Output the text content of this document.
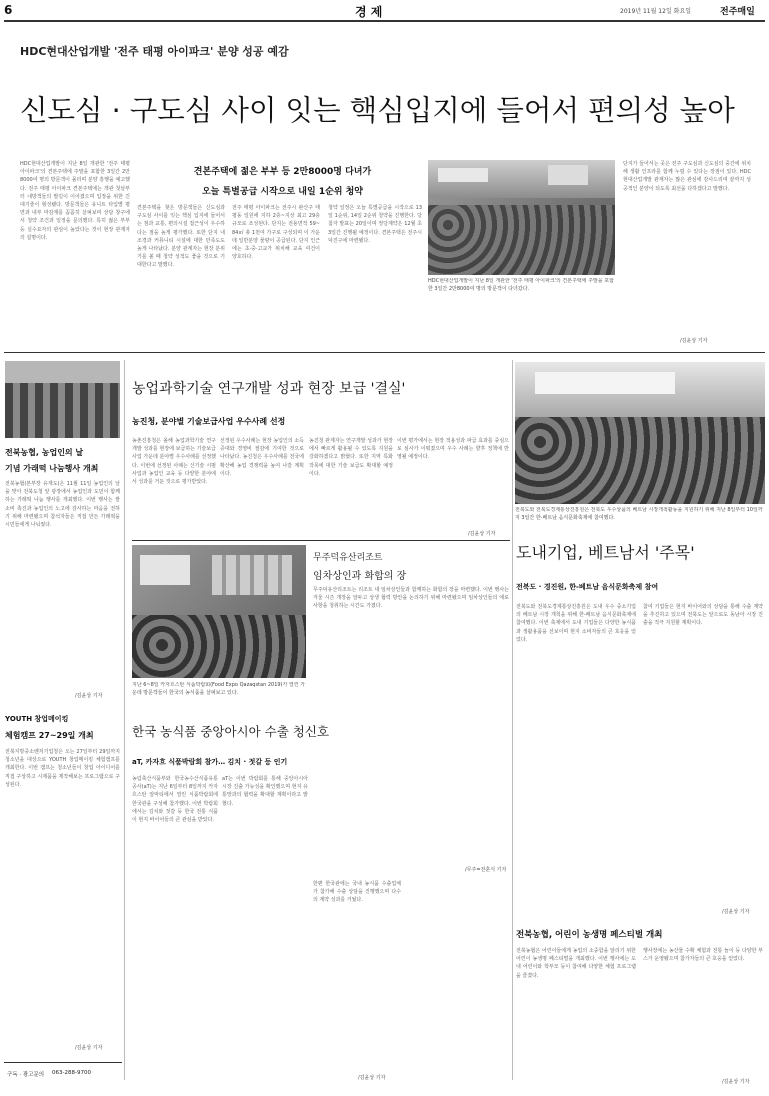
6	경 제	2019년 11월 12일 화요일	전주매일
HDC현대산업개발 '전주 태평 아이파크' 분양 성공 예감
신도심 · 구도심 사이 잇는 핵심입지에 들어서 편의성 높아
HDC현대산업개발이 지난 8일 개관한 '전주 태평 아이파크'의 견본주택에 주말을 포함한 3일간 2만8000여 명의 방문객이 몰리며 분양 흥행을 예고했다. 전주 태평 아이파크 견본주택에는 개관 첫날부터 내방객들의 발길이 이어졌으며 입장을 위한 긴 대기줄이 형성됐다. 방문객들은 유니트 타입별 평면과 내부 마감재를 꼼꼼히 살펴보며 상담 창구에서 청약 조건과 일정을 문의했다. 특히 젊은 부부 등 실수요자의 관심이 높았다는 것이 현장 관계자의 설명이다.
견본주택에 젊은 부부 등 2만8000명 다녀가
오늘 특별공급 시작으로 내일 1순위 청약
견본주택을 찾은 방문객들은 신도심과 구도심 사이를 잇는 핵심 입지에 들어서는 점과 교통, 편의시설 접근성이 우수하다는 점을 높게 평가했다. 또한 단지 내 조경과 커뮤니티 시설에 대한 만족도도 높게 나타났다. 분양 관계자는 현장 분위기를 볼 때 청약 성적도 좋을 것으로 기대한다고 말했다.
전주 태평 아이파크는 전주시 완산구 태평동 일원에 지하 2층~지상 최고 29층 규모로 조성된다. 단지는 전용면적 59~84㎡ 총 1천여 가구로 구성되며 이 가운데 일반분양 물량이 공급된다. 단지 인근에는 초·중·고교가 위치해 교육 여건이 양호하다.
청약 일정은 오늘 특별공급을 시작으로 13일 1순위, 14일 2순위 청약을 진행한다. 당첨자 발표는 20일이며 정당계약은 12월 초 3일간 진행될 예정이다. 견본주택은 전주시 덕진구에 마련됐다.
HDC현대산업개발이 지난 8일 개관한 '전주 태평 아이파크'의 견본주택에 주말을 포함한 3일간 2만8000여 명의 방문객이 다녀갔다.
단지가 들어서는 곳은 전주 구도심과 신도심의 중간에 위치해 생활 인프라를 함께 누릴 수 있다는 장점이 있다. HDC현대산업개발 관계자는 많은 관심에 감사드리며 끝까지 성공적인 분양이 되도록 최선을 다하겠다고 말했다.
/김윤상 기자
전북농협, 농업인의 날
기념 가래떡 나눔행사 개최
전북농협(본부장 유재도)은 11월 11일 농업인의 날을 맞아 전북도청 앞 광장에서 농업인과 도민이 함께하는 가래떡 나눔 행사를 개최했다. 이번 행사는 쌀 소비 촉진과 농업인의 노고에 감사하는 마음을 전하기 위해 마련됐으며 참석자들은 직접 만든 가래떡을 시민들에게 나눠줬다.
/김윤상 기자
YOUTH 창업메이킹
체험캠프 27~29일 개최
전북지방중소벤처기업청은 오는 27일부터 29일까지 청소년을 대상으로 YOUTH 창업메이킹 체험캠프를 개최한다. 이번 캠프는 청소년들이 창업 아이디어를 직접 구상하고 시제품을 제작해보는 프로그램으로 구성된다.
/김윤상 기자
구독 · 광고문의 063-288-9700
농업과학기술 연구개발 성과 현장 보급 '결실'
농진청, 분야별 기술보급사업 우수사례 선정
농촌진흥청은 올해 농업과학기술 연구개발 성과를 현장에 보급하는 기술보급사업 가운데 분야별 우수사례를 선정했다. 이번에 선정된 사례는 신기술 시범사업과 농업인 교육 등 다양한 분야에서 성과를 거둔 것으로 평가받았다.
선정된 우수사례는 현장 농업인의 소득 증대와 경영비 절감에 기여한 것으로 나타났다. 농진청은 우수사례를 전국에 확산해 농업 경쟁력을 높여 나갈 계획이다.
농진청 관계자는 연구개발 성과가 현장에서 빠르게 활용될 수 있도록 지원을 강화하겠다고 밝혔다. 또한 지역 특화 작목에 대한 기술 보급도 확대할 예정이다.
이번 평가에서는 현장 적용성과 파급 효과를 중심으로 심사가 이뤄졌으며 우수 사례는 향후 정책에 반영될 예정이다.
/김윤상 기자
지난 6~8일 카자흐스탄 식품박람회(Food Expo Qazaqstan 2019)가 열린 가운데 방문객들이 한국의 농식품을 살펴보고 있다.
한국 농식품 중앙아시아 수출 청신호
aT, 카자흐 식품박람회 참가… 김치 · 젓갈 등 인기
농림축산식품부와 한국농수산식품유통공사(aT)는 지난 6일부터 8일까지 카자흐스탄 알마티에서 열린 식품박람회에 한국관을 구성해 참가했다. 이번 박람회에서는 김치와 젓갈 등 한국 전통 식품이 현지 바이어들의 큰 관심을 받았다.
aT는 이번 박람회를 통해 중앙아시아 시장 진출 가능성을 확인했으며 현지 유통망과의 협력을 확대할 계획이라고 밝혔다.
한편 한국관에는 국내 농식품 수출업체가 참가해 수출 상담을 진행했으며 다수의 계약 성과를 거뒀다.
/김윤상 기자
무주덕유산리조트
임차상인과 화합의 장
무주덕유산리조트는 리조트 내 임차상인들과 함께하는 화합의 장을 마련했다. 이번 행사는 겨울 시즌 개장을 앞두고 상생 협력 방안을 논의하기 위해 마련됐으며 임차상인들의 애로사항을 청취하는 시간도 가졌다.
/무주=전훈식 기자
전북도와 전북도경제통상진흥원은 전북도 우수상품의 베트남 시장개척활동을 지원하기 위해 지난 8일부터 10일까지 3일간 한-베트남 음식문화축제에 참여했다.
도내기업, 베트남서 '주목'
전북도 · 경진원, 한-베트남 음식문화축제 참여
전북도와 전북도경제통상진흥원은 도내 우수 중소기업의 베트남 시장 개척을 위해 한-베트남 음식문화축제에 참여했다. 이번 축제에서 도내 기업들은 다양한 농식품과 생활용품을 선보이며 현지 소비자들의 큰 호응을 얻었다.
참여 기업들은 현지 바이어와의 상담을 통해 수출 계약을 추진하고 있으며 전북도는 앞으로도 동남아 시장 진출을 적극 지원할 계획이다.
/김윤상 기자
전북농협, 어린이 농생명 페스티벌 개최
전북농협은 어린이들에게 농업의 소중함을 알리기 위한 어린이 농생명 페스티벌을 개최했다. 이번 행사에는 도내 어린이와 학부모 등이 참여해 다양한 체험 프로그램을 즐겼다.
행사장에는 농산물 수확 체험과 전통 놀이 등 다양한 부스가 운영됐으며 참가자들의 큰 호응을 얻었다.
/김윤상 기자
